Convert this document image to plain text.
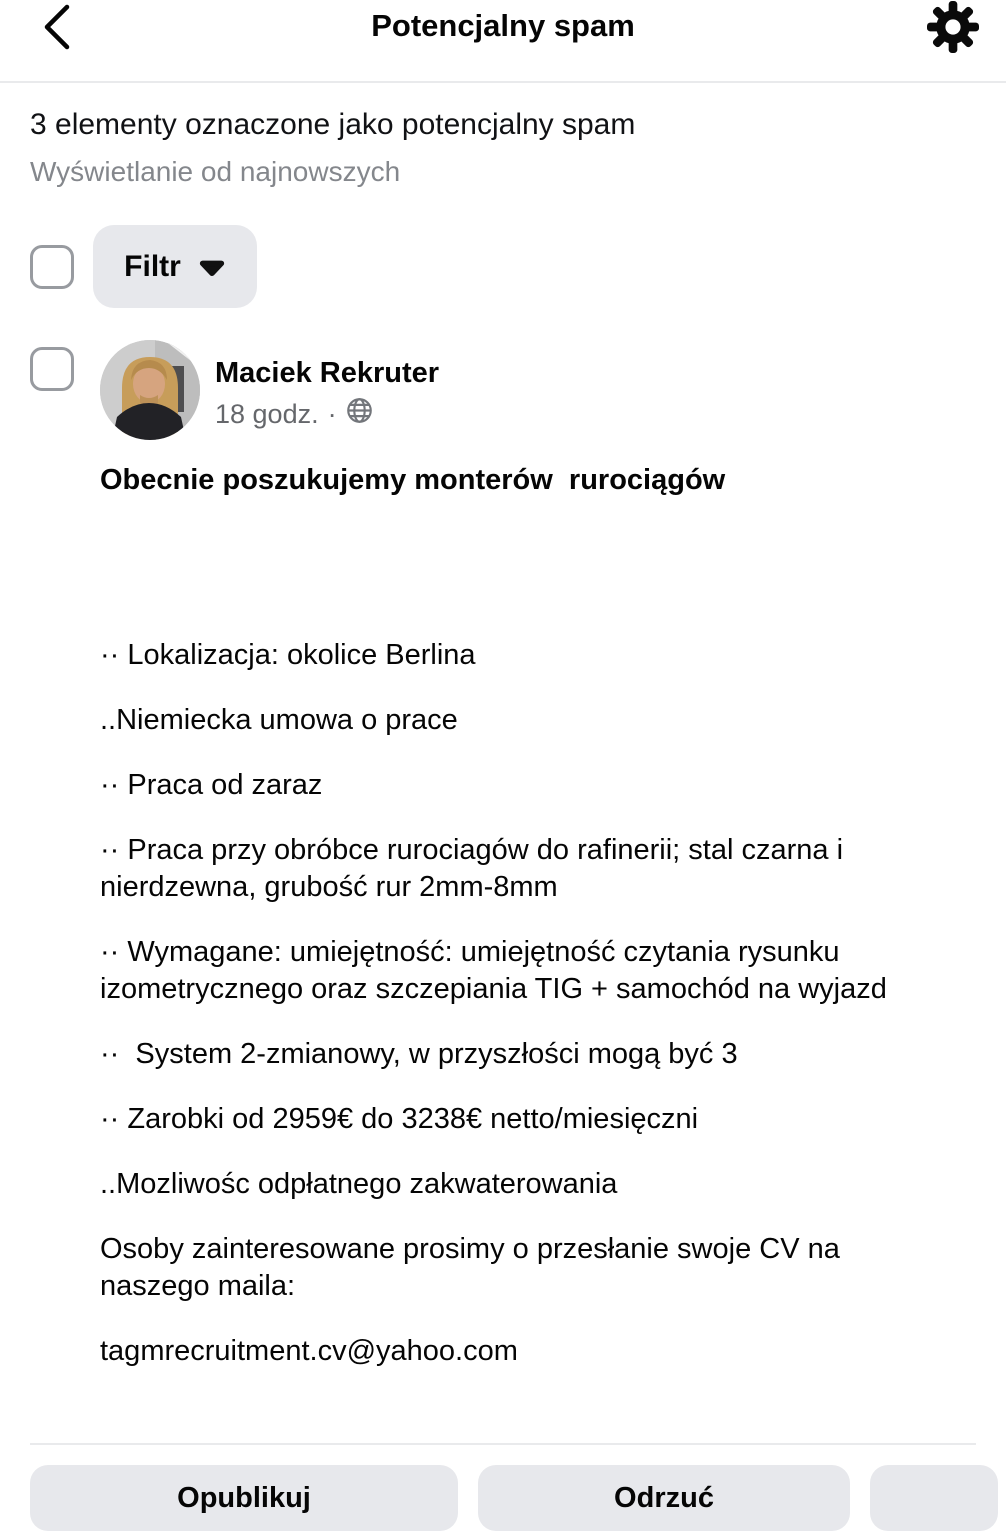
Potencjalny spam
3 elementy oznaczone jako potencjalny spam
Wyświetlanie od najnowszych
Filtr
Maciek Rekruter
18 godz. ·

Obecnie poszukujemy monterów  rurociągów

·· Lokalizacja: okolice Berlina

..Niemiecka umowa o prace

·· Praca od zaraz

·· Praca przy obróbce rurociagów do rafinerii; stal czarna i nierdzewna, grubość rur 2mm-8mm

·· Wymagane: umiejętność: umiejętność czytania rysunku izometrycznego oraz szczepiania TIG + samochód na wyjazd

··  System 2-zmianowy, w przyszłości mogą być 3

·· Zarobki od 2959€ do 3238€ netto/miesięczni

..Mozliwośc odpłatnego zakwaterowania

Osoby zainteresowane prosimy o przesłanie swoje CV na naszego maila:

tagmrecruitment.cv@yahoo.com

Opublikuj	Odrzuć
